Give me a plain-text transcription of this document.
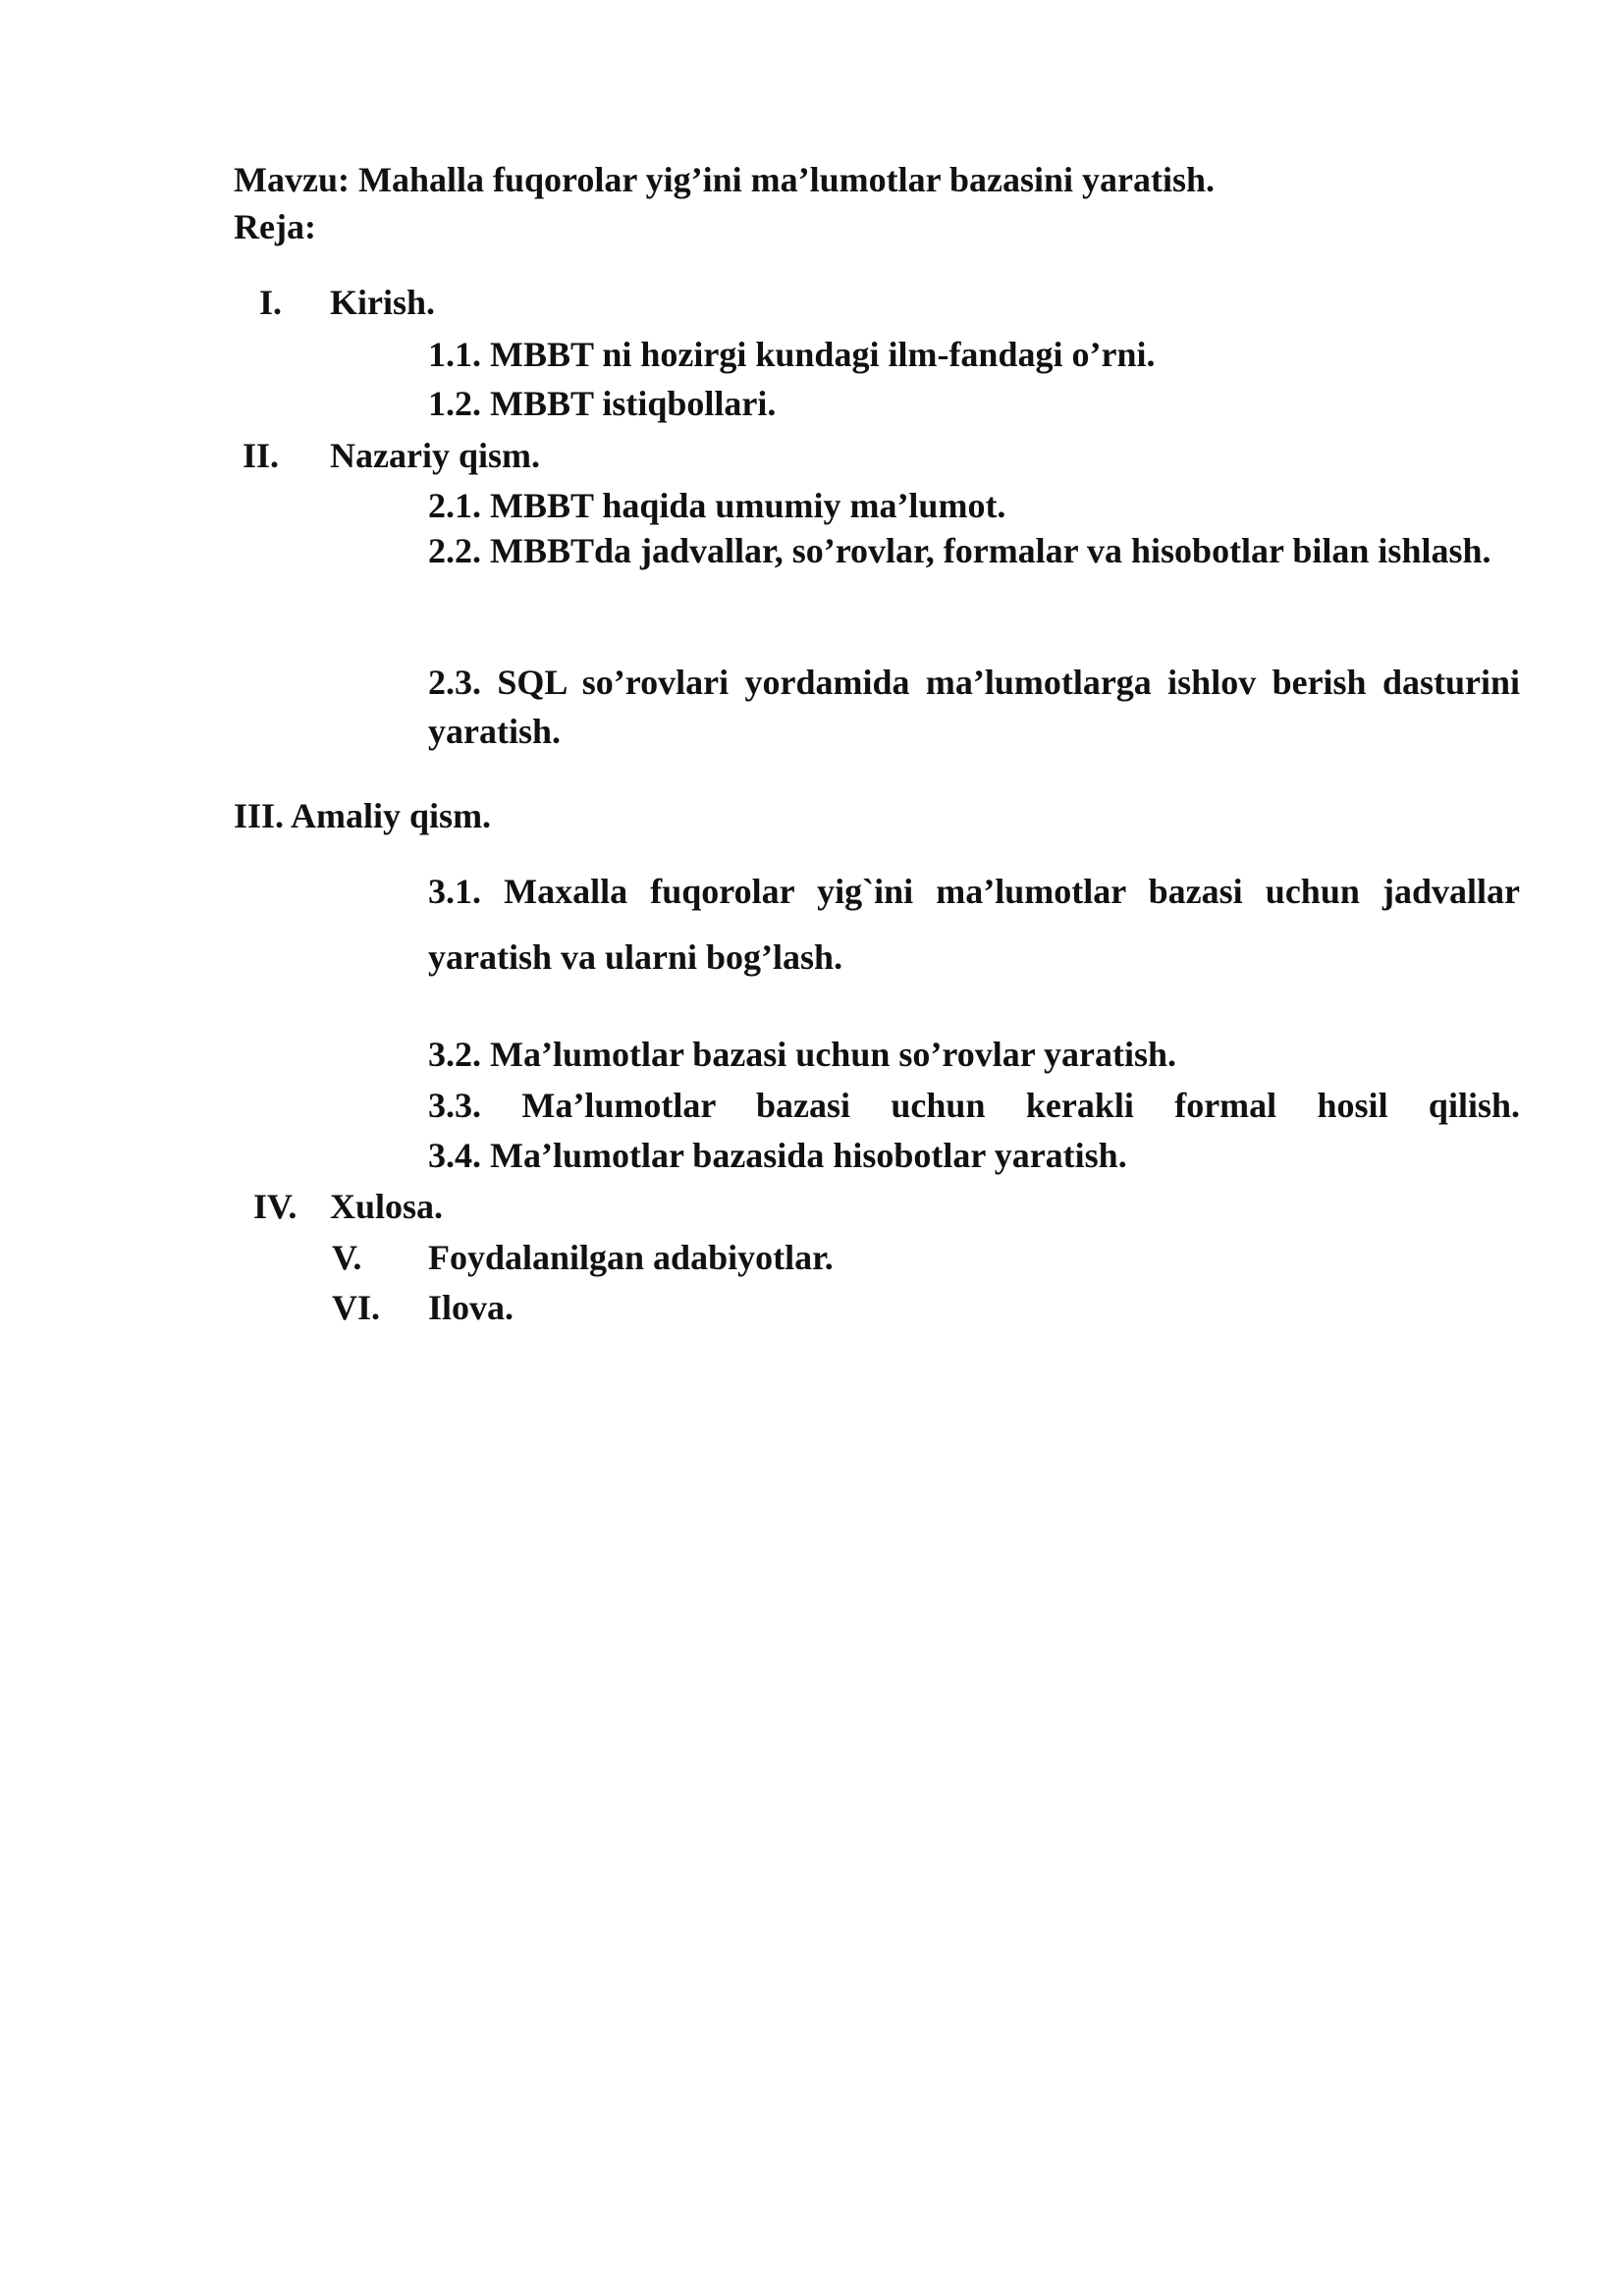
Mavzu: Mahalla fuqorolar yig’ini ma’lumotlar bazasini yaratish.
Reja:
I. Kirish.
1.1. MBBT ni hozirgi kundagi ilm-fandagi o’rni.
1.2. MBBT istiqbollari.
II. Nazariy qism.
2.1. MBBT haqida umumiy ma’lumot.
2.2. MBBTda jadvallar, so’rovlar, formalar va hisobotlar bilan ishlash.
2.3. SQL so’rovlari yordamida ma’lumotlarga ishlov berish dasturini yaratish.
III. Amaliy qism.
3.1. Maxalla fuqorolar yig`ini ma’lumotlar bazasi uchun jadvallar yaratish va ularni bog’lash.
3.2. Ma’lumotlar bazasi uchun so’rovlar yaratish.
3.3. Ma’lumotlar bazasi uchun kerakli formal hosil qilish.
3.4. Ma’lumotlar bazasida hisobotlar yaratish.
IV. Xulosa.
V. Foydalanilgan adabiyotlar.
VI. Ilova.
